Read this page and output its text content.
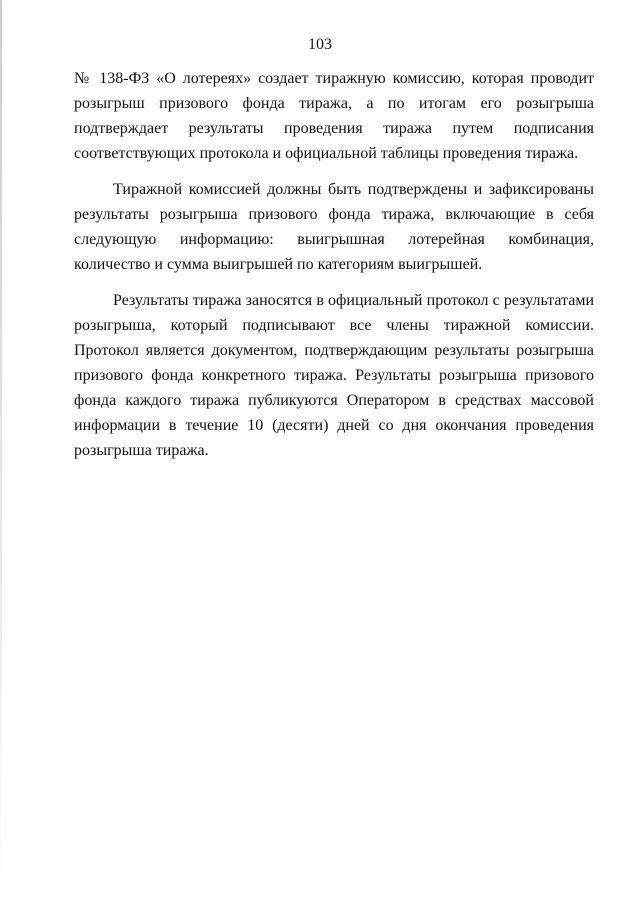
103

№ 138-ФЗ «О лотереях» создает тиражную комиссию, которая проводит розыгрыш призового фонда тиража, а по итогам его розыгрыша подтверждает результаты проведения тиража путем подписания соответствующих протокола и официальной таблицы проведения тиража.

Тиражной комиссией должны быть подтверждены и зафиксированы результаты розыгрыша призового фонда тиража, включающие в себя следующую информацию: выигрышная лотерейная комбинация, количество и сумма выигрышей по категориям выигрышей.

Результаты тиража заносятся в официальный протокол с результатами розыгрыша, который подписывают все члены тиражной комиссии. Протокол является документом, подтверждающим результаты розыгрыша призового фонда конкретного тиража. Результаты розыгрыша призового фонда каждого тиража публикуются Оператором в средствах массовой информации в течение 10 (десяти) дней со дня окончания проведения розыгрыша тиража.
